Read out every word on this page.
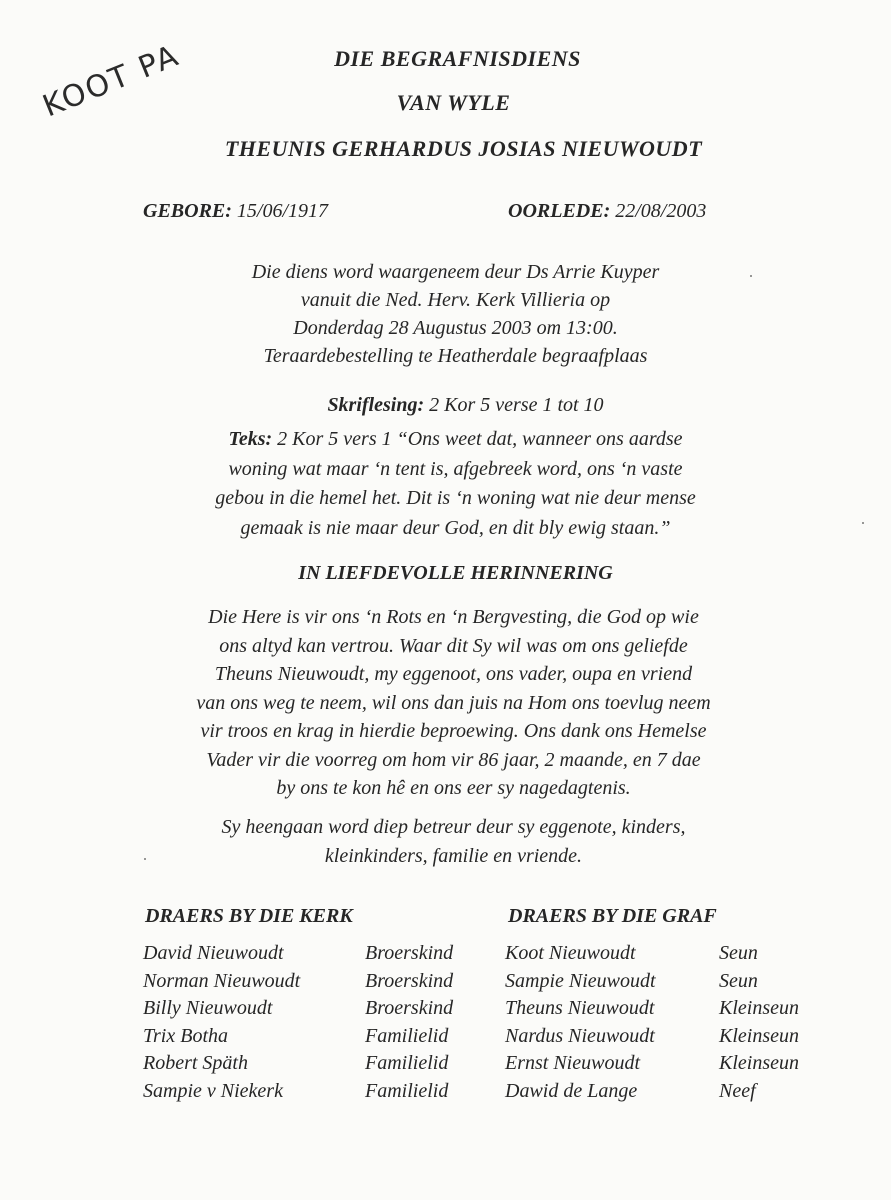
KOOT PA	DIE BEGRAFNISDIENS
VAN WYLE
THEUNIS GERHARDUS JOSIAS NIEUWOUDT
GEBORE: 15/06/1917	OORLEDE: 22/08/2003
Die diens word waargeneem deur Ds Arrie Kuyper
vanuit die Ned. Herv. Kerk Villieria op
Donderdag 28 Augustus 2003 om 13:00.
Teraardebestelling te Heatherdale begraafplaas
Skriflesing: 2 Kor 5 verse 1 tot 10
Teks: 2 Kor 5 vers 1 “Ons weet dat, wanneer ons aardse
woning wat maar ‘n tent is, afgebreek word, ons ‘n vaste
gebou in die hemel het. Dit is ‘n woning wat nie deur mense
gemaak is nie maar deur God, en dit bly ewig staan.”
IN LIEFDEVOLLE HERINNERING
Die Here is vir ons ‘n Rots en ‘n Bergvesting, die God op wie
ons altyd kan vertrou. Waar dit Sy wil was om ons geliefde
Theuns Nieuwoudt, my eggenoot, ons vader, oupa en vriend
van ons weg te neem, wil ons dan juis na Hom ons toevlug neem
vir troos en krag in hierdie beproewing. Ons dank ons Hemelse
Vader vir die voorreg om hom vir 86 jaar, 2 maande, en 7 dae
by ons te kon hê en ons eer sy nagedagtenis.
Sy heengaan word diep betreur deur sy eggenote, kinders,
kleinkinders, familie en vriende.
DRAERS BY DIE KERK	DRAERS BY DIE GRAF
David Nieuwoudt	Broerskind
Norman Nieuwoudt	Broerskind
Billy Nieuwoudt	Broerskind
Trix Botha	Familielid
Robert Späth	Familielid
Sampie v Niekerk	Familielid
Koot Nieuwoudt	Seun
Sampie Nieuwoudt	Seun
Theuns Nieuwoudt	Kleinseun
Nardus Nieuwoudt	Kleinseun
Ernst Nieuwoudt	Kleinseun
Dawid de Lange	Neef
